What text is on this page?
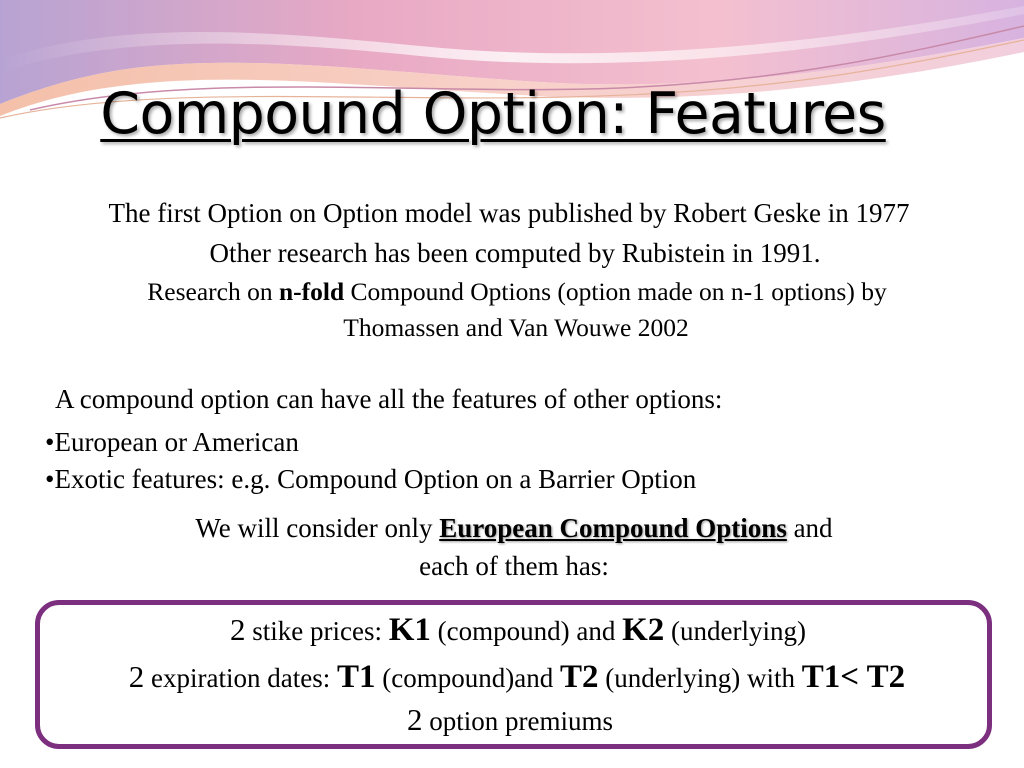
Compound Option: Features
The first Option on Option model was published by Robert Geske in 1977
Other research has been computed by Rubistein in 1991.
Research on n-fold Compound Options (option made on n-1 options) by
Thomassen and Van Wouwe 2002
A compound option can have all the features of other options:
•European or American
•Exotic features: e.g. Compound Option on a Barrier Option
We will consider only European Compound Options and
each of them has:
2 stike prices: K1 (compound) and K2 (underlying)
2 expiration dates: T1 (compound)and T2 (underlying) with T1< T2
2 option premiums
